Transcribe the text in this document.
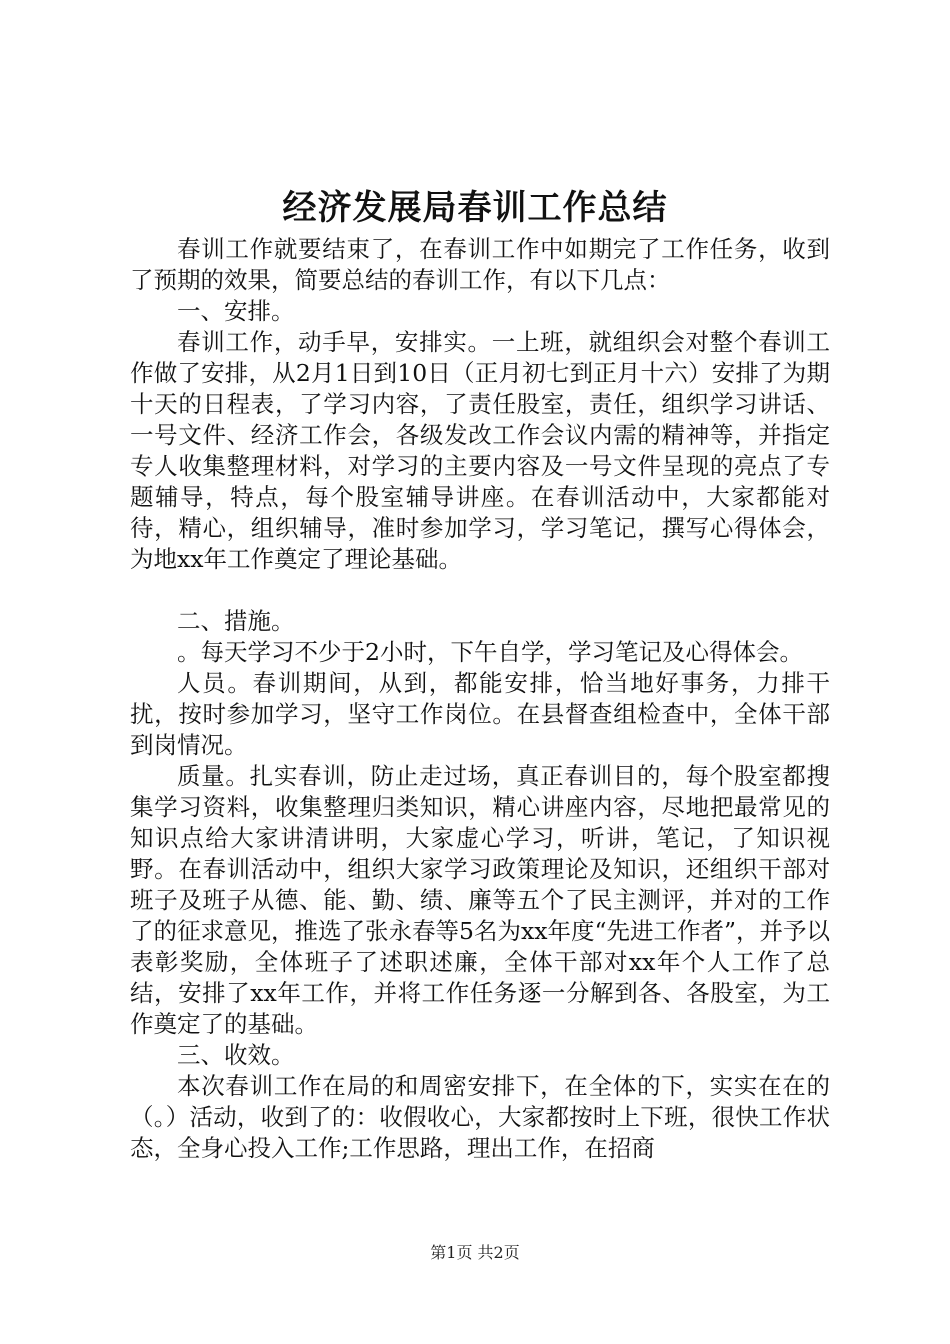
经济发展局春训工作总结

春训工作就要结束了，在春训工作中如期完了工作任务，收到了预期的效果，简要总结的春训工作，有以下几点：

一、安排。

春训工作，动手早，安排实。一上班，就组织会对整个春训工作做了安排，从2月1日到10日（正月初七到正月十六）安排了为期十天的日程表，了学习内容，了责任股室，责任，组织学习讲话、一号文件、经济工作会，各级发改工作会议内需的精神等，并指定专人收集整理材料，对学习的主要内容及一号文件呈现的亮点了专题辅导，特点，每个股室辅导讲座。在春训活动中，大家都能对待，精心，组织辅导，准时参加学习，学习笔记，撰写心得体会，为地xx年工作奠定了理论基础。

二、措施。

。每天学习不少于2小时，下午自学，学习笔记及心得体会。

人员。春训期间，从到，都能安排，恰当地好事务，力排干扰，按时参加学习，坚守工作岗位。在县督查组检查中，全体干部到岗情况。

质量。扎实春训，防止走过场，真正春训目的，每个股室都搜集学习资料，收集整理归类知识，精心讲座内容，尽地把最常见的知识点给大家讲清讲明，大家虚心学习，听讲，笔记，了知识视野。在春训活动中，组织大家学习政策理论及知识，还组织干部对班子及班子从德、能、勤、绩、廉等五个了民主测评，并对的工作了的征求意见，推选了张永春等5名为xx年度“先进工作者”，并予以表彰奖励，全体班子了述职述廉，全体干部对xx年个人工作了总结，安排了xx年工作，并将工作任务逐一分解到各、各股室，为工作奠定了的基础。

三、收效。

本次春训工作在局的和周密安排下，在全体的下，实实在在的（。）活动，收到了的：收假收心，大家都按时上下班，很快工作状态，全身心投入工作;工作思路，理出工作，在招商

第1页 共2页
